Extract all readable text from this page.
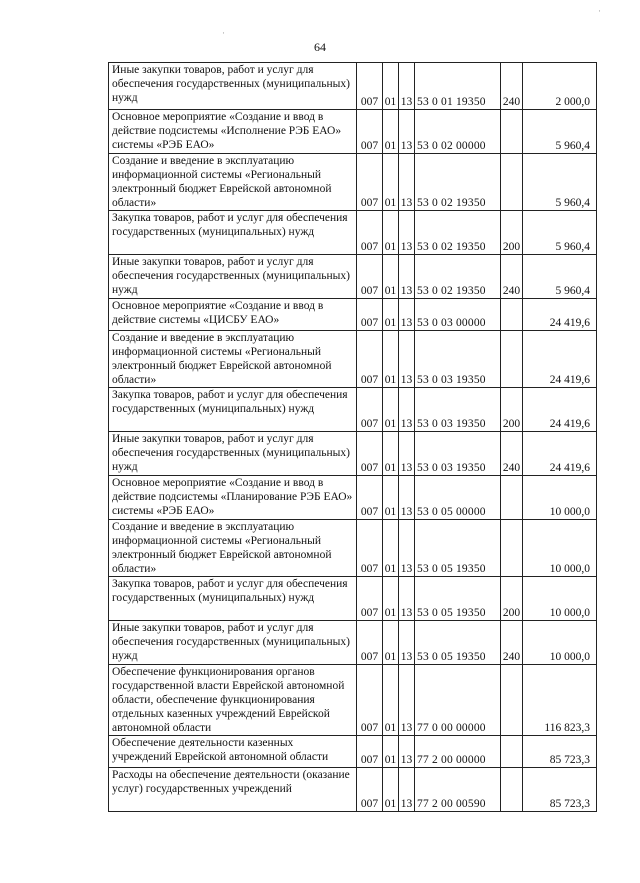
·
·
64
Иные закупки товаров, работ и услуг для обеспечения государственных (муниципальных) нужд	007	01	13	53 0 01 19350	240	2 000,0
Основное мероприятие «Создание и ввод в действие подсистемы «Исполнение РЭБ ЕАО» системы «РЭБ ЕАО»	007	01	13	53 0 02 00000		5 960,4
Создание и введение в эксплуатацию информационной системы «Региональный электронный бюджет Еврейской автономной области»	007	01	13	53 0 02 19350		5 960,4
Закупка товаров, работ и услуг для обеспечения государственных (муниципальных) нужд	007	01	13	53 0 02 19350	200	5 960,4
Иные закупки товаров, работ и услуг для обеспечения государственных (муниципальных) нужд	007	01	13	53 0 02 19350	240	5 960,4
Основное мероприятие «Создание и ввод в действие системы «ЦИСБУ ЕАО»	007	01	13	53 0 03 00000		24 419,6
Создание и введение в эксплуатацию информационной системы «Региональный электронный бюджет Еврейской автономной области»	007	01	13	53 0 03 19350		24 419,6
Закупка товаров, работ и услуг для обеспечения государственных (муниципальных) нужд	007	01	13	53 0 03 19350	200	24 419,6
Иные закупки товаров, работ и услуг для обеспечения государственных (муниципальных) нужд	007	01	13	53 0 03 19350	240	24 419,6
Основное мероприятие «Создание и ввод в действие подсистемы «Планирование РЭБ ЕАО» системы «РЭБ ЕАО»	007	01	13	53 0 05 00000		10 000,0
Создание и введение в эксплуатацию информационной системы «Региональный электронный бюджет Еврейской автономной области»	007	01	13	53 0 05 19350		10 000,0
Закупка товаров, работ и услуг для обеспечения государственных (муниципальных) нужд	007	01	13	53 0 05 19350	200	10 000,0
Иные закупки товаров, работ и услуг для обеспечения государственных (муниципальных) нужд	007	01	13	53 0 05 19350	240	10 000,0
Обеспечение функционирования органов государственной власти Еврейской автономной области, обеспечение функционирования отдельных казенных учреждений Еврейской автономной области	007	01	13	77 0 00 00000		116 823,3
Обеспечение деятельности казенных учреждений Еврейской автономной области	007	01	13	77 2 00 00000		85 723,3
Расходы на обеспечение деятельности (оказание услуг) государственных учреждений	007	01	13	77 2 00 00590		85 723,3
